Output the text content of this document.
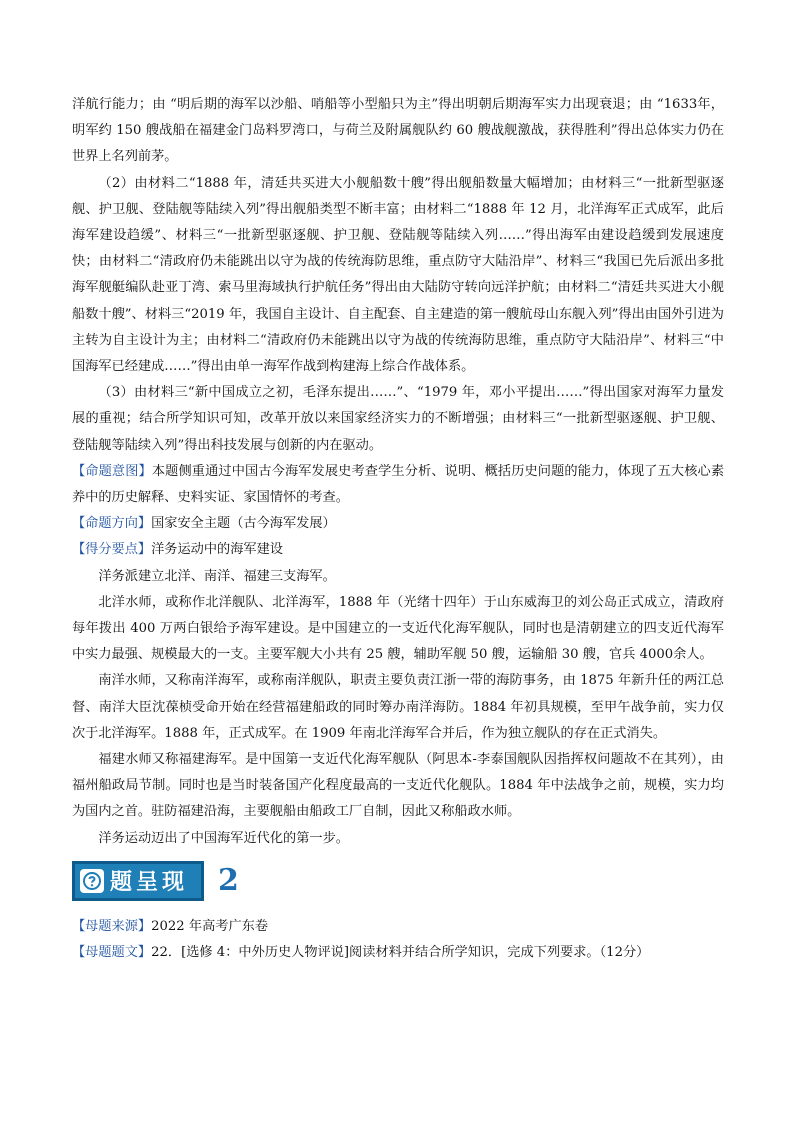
洋航行能力；由 “明后期的海军以沙船、哨船等小型船只为主”得出明朝后期海军实力出现衰退；由 “1633年，明军约 150 艘战船在福建金门岛料罗湾口，与荷兰及附属舰队约 60 艘战舰激战，获得胜利”得出总体实力仍在世界上名列前茅。

（2）由材料二“1888 年，清廷共买进大小舰船数十艘”得出舰船数量大幅增加；由材料三“一批新型驱逐舰、护卫舰、登陆舰等陆续入列”得出舰船类型不断丰富；由材料二“1888 年 12 月，北洋海军正式成军，此后海军建设趋缓”、材料三“一批新型驱逐舰、护卫舰、登陆舰等陆续入列……”得出海军由建设趋缓到发展速度快；由材料二“清政府仍未能跳出以守为战的传统海防思维，重点防守大陆沿岸”、材料三“我国已先后派出多批海军舰艇编队赴亚丁湾、索马里海域执行护航任务”得出由大陆防守转向远洋护航；由材料二“清廷共买进大小舰船数十艘”、材料三“2019 年，我国自主设计、自主配套、自主建造的第一艘航母山东舰入列”得出由国外引进为主转为自主设计为主；由材料二“清政府仍未能跳出以守为战的传统海防思维，重点防守大陆沿岸”、材料三“中国海军已经建成……”得出由单一海军作战到构建海上综合作战体系。

（3）由材料三“新中国成立之初，毛泽东提出……”、“1979 年，邓小平提出……”得出国家对海军力量发展的重视；结合所学知识可知，改革开放以来国家经济实力的不断增强；由材料三“一批新型驱逐舰、护卫舰、登陆舰等陆续入列”得出科技发展与创新的内在驱动。

【命题意图】本题侧重通过中国古今海军发展史考查学生分析、说明、概括历史问题的能力，体现了五大核心素养中的历史解释、史料实证、家国情怀的考查。

【命题方向】国家安全主题（古今海军发展）

【得分要点】洋务运动中的海军建设

洋务派建立北洋、南洋、福建三支海军。

北洋水师，或称作北洋舰队、北洋海军，1888 年（光绪十四年）于山东威海卫的刘公岛正式成立，清政府每年拨出 400 万两白银给予海军建设。是中国建立的一支近代化海军舰队，同时也是清朝建立的四支近代海军中实力最强、规模最大的一支。主要军舰大小共有 25 艘，辅助军舰 50 艘，运输船 30 艘，官兵 4000余人。

南洋水师，又称南洋海军，或称南洋舰队，职责主要负责江浙一带的海防事务，由 1875 年新升任的两江总督、南洋大臣沈葆桢受命开始在经营福建船政的同时筹办南洋海防。1884 年初具规模，至甲午战争前，实力仅次于北洋海军。1888 年，正式成军。在 1909 年南北洋海军合并后，作为独立舰队的存在正式消失。

福建水师又称福建海军。是中国第一支近代化海军舰队（阿思本-李泰国舰队因指挥权问题故不在其列），由福州船政局节制。同时也是当时装备国产化程度最高的一支近代化舰队。1884 年中法战争之前，规模，实力均为国内之首。驻防福建沿海，主要舰船由船政工厂自制，因此又称船政水师。

洋务运动迈出了中国海军近代化的第一步。

题呈现 2

【母题来源】2022 年高考广东卷

【母题题文】22．[选修 4：中外历史人物评说]阅读材料并结合所学知识，完成下列要求。（12分）
